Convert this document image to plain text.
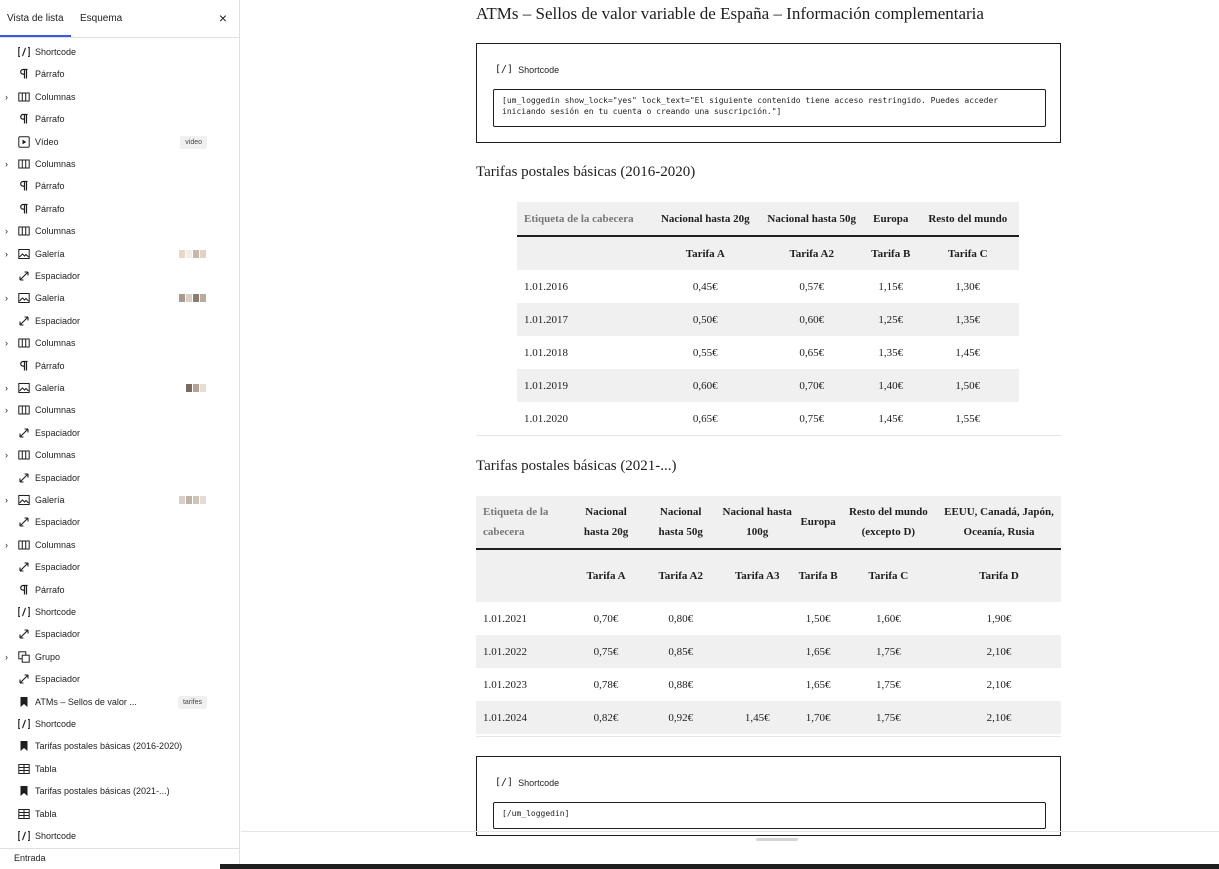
Vista de lista	Esquema	×
Shortcode
Párrafo
›	Columnas
Párrafo
Vídeo	video
›	Columnas
Párrafo
Párrafo
›	Columnas
›	Galería
Espaciador
›	Galería
Espaciador
›	Columnas
Párrafo
›	Galería
›	Columnas
Espaciador
›	Columnas
Espaciador
›	Galería
Espaciador
›	Columnas
Espaciador
Párrafo
Shortcode
Espaciador
›	Grupo
Espaciador
ATMs – Sellos de valor ...	tarifes
Shortcode
Tarifas postales básicas (2016-2020)
Tabla
Tarifas postales básicas (2021-...)
Tabla
Shortcode
Entrada
ATMs – Sellos de valor variable de España – Información complementaria
[/] Shortcode
[um_loggedin show_lock="yes" lock_text="El siguiente contenido tiene acceso restringido. Puedes acceder
iniciando sesión en tu cuenta o creando una suscripción."]
Tarifas postales básicas (2016-2020)
Etiqueta de la cabecera	Nacional hasta 20g	Nacional hasta 50g	Europa	Resto del mundo
	Tarifa A	Tarifa A2	Tarifa B	Tarifa C
1.01.2016	0,45€	0,57€	1,15€	1,30€
1.01.2017	0,50€	0,60€	1,25€	1,35€
1.01.2018	0,55€	0,65€	1,35€	1,45€
1.01.2019	0,60€	0,70€	1,40€	1,50€
1.01.2020	0,65€	0,75€	1,45€	1,55€
Tarifas postales básicas (2021-...)
Etiqueta de la cabecera	Nacional hasta 20g	Nacional hasta 50g	Nacional hasta 100g	Europa	Resto del mundo (excepto D)	EEUU, Canadá, Japón, Oceanía, Rusia
	Tarifa A	Tarifa A2	Tarifa A3	Tarifa B	Tarifa C	Tarifa D
1.01.2021	0,70€	0,80€		1,50€	1,60€	1,90€
1.01.2022	0,75€	0,85€		1,65€	1,75€	2,10€
1.01.2023	0,78€	0,88€		1,65€	1,75€	2,10€
1.01.2024	0,82€	0,92€	1,45€	1,70€	1,75€	2,10€
[/] Shortcode
[/um_loggedin]
